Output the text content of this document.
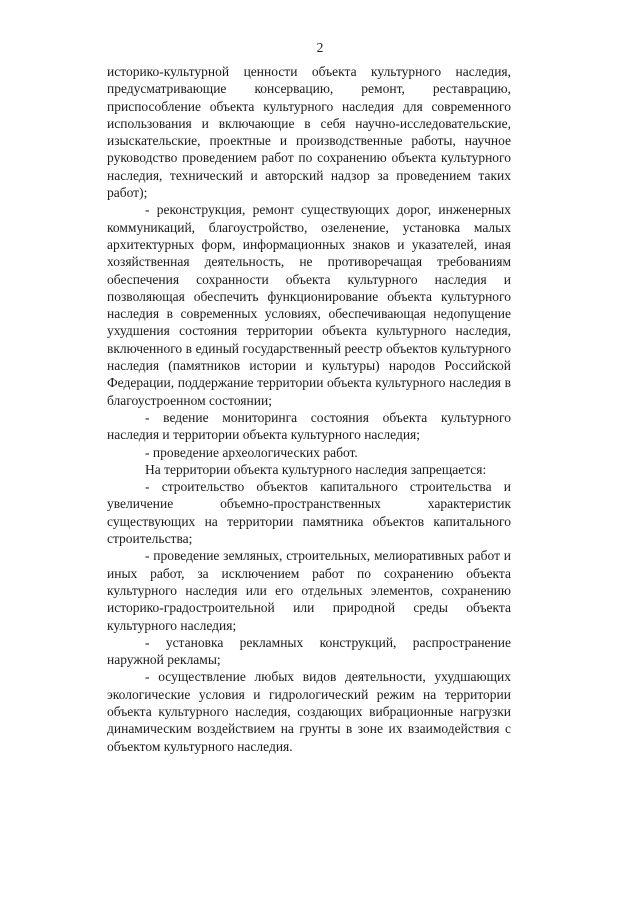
2

историко-культурной ценности объекта культурного наследия, предусматривающие консервацию, ремонт, реставрацию, приспособление объекта культурного наследия для современного использования и включающие в себя научно-исследовательские, изыскательские, проектные и производственные работы, научное руководство проведением работ по сохранению объекта культурного наследия, технический и авторский надзор за проведением таких работ);

- реконструкция, ремонт существующих дорог, инженерных коммуникаций, благоустройство, озеленение, установка малых архитектурных форм, информационных знаков и указателей, иная хозяйственная деятельность, не противоречащая требованиям обеспечения сохранности объекта культурного наследия и позволяющая обеспечить функционирование объекта культурного наследия в современных условиях, обеспечивающая недопущение ухудшения состояния территории объекта культурного наследия, включенного в единый государственный реестр объектов культурного наследия (памятников истории и культуры) народов Российской Федерации, поддержание территории объекта культурного наследия в благоустроенном состоянии;

- ведение мониторинга состояния объекта культурного наследия и территории объекта культурного наследия;

- проведение археологических работ.

На территории объекта культурного наследия запрещается:

- строительство объектов капитального строительства и увеличение объемно-пространственных характеристик существующих на территории памятника объектов капитального строительства;

- проведение земляных, строительных, мелиоративных работ и иных работ, за исключением работ по сохранению объекта культурного наследия или его отдельных элементов, сохранению историко-градостроительной или природной среды объекта культурного наследия;

- установка рекламных конструкций, распространение наружной рекламы;

- осуществление любых видов деятельности, ухудшающих экологические условия и гидрологический режим на территории объекта культурного наследия, создающих вибрационные нагрузки динамическим воздействием на грунты в зоне их взаимодействия с объектом культурного наследия.
